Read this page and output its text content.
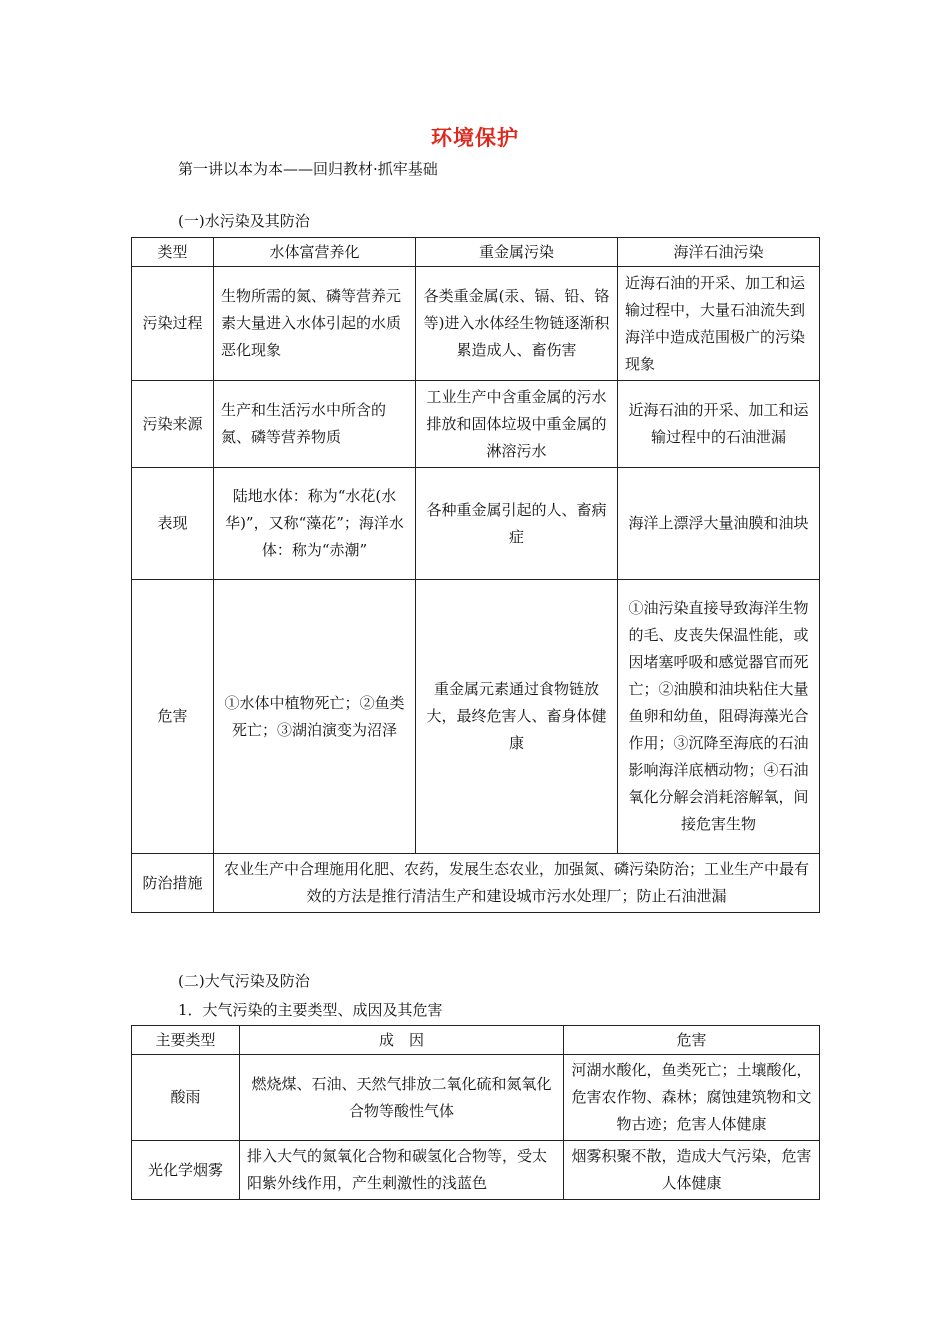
环境保护
第一讲以本为本——回归教材·抓牢基础
(一)水污染及其防治
类型	水体富营养化	重金属污染	海洋石油污染
污染过程	生物所需的氮、磷等营养元素大量进入水体引起的水质恶化现象	各类重金属(汞、镉、铅、铬等)进入水体经生物链逐渐积累造成人、畜伤害	近海石油的开采、加工和运输过程中，大量石油流失到海洋中造成范围极广的污染现象
污染来源	生产和生活污水中所含的氮、磷等营养物质	工业生产中含重金属的污水排放和固体垃圾中重金属的淋溶污水	近海石油的开采、加工和运输过程中的石油泄漏
表现	陆地水体：称为“水花(水华)”，又称“藻花”；海洋水体：称为“赤潮”	各种重金属引起的人、畜病症	海洋上漂浮大量油膜和油块
危害	①水体中植物死亡；②鱼类死亡；③湖泊演变为沼泽	重金属元素通过食物链放大，最终危害人、畜身体健康	①油污染直接导致海洋生物的毛、皮丧失保温性能，或因堵塞呼吸和感觉器官而死亡；②油膜和油块粘住大量鱼卵和幼鱼，阻碍海藻光合作用；③沉降至海底的石油影响海洋底栖动物；④石油氧化分解会消耗溶解氧，间接危害生物
防治措施	农业生产中合理施用化肥、农药，发展生态农业，加强氮、磷污染防治；工业生产中最有效的方法是推行清洁生产和建设城市污水处理厂；防止石油泄漏		
(二)大气污染及防治
1．大气污染的主要类型、成因及其危害
主要类型	成　因	危害
酸雨	燃烧煤、石油、天然气排放二氧化硫和氮氧化合物等酸性气体	河湖水酸化，鱼类死亡；土壤酸化，危害农作物、森林；腐蚀建筑物和文物古迹；危害人体健康
光化学烟雾	排入大气的氮氧化合物和碳氢化合物等，受太阳紫外线作用，产生刺激性的浅蓝色	烟雾积聚不散，造成大气污染，危害人体健康
